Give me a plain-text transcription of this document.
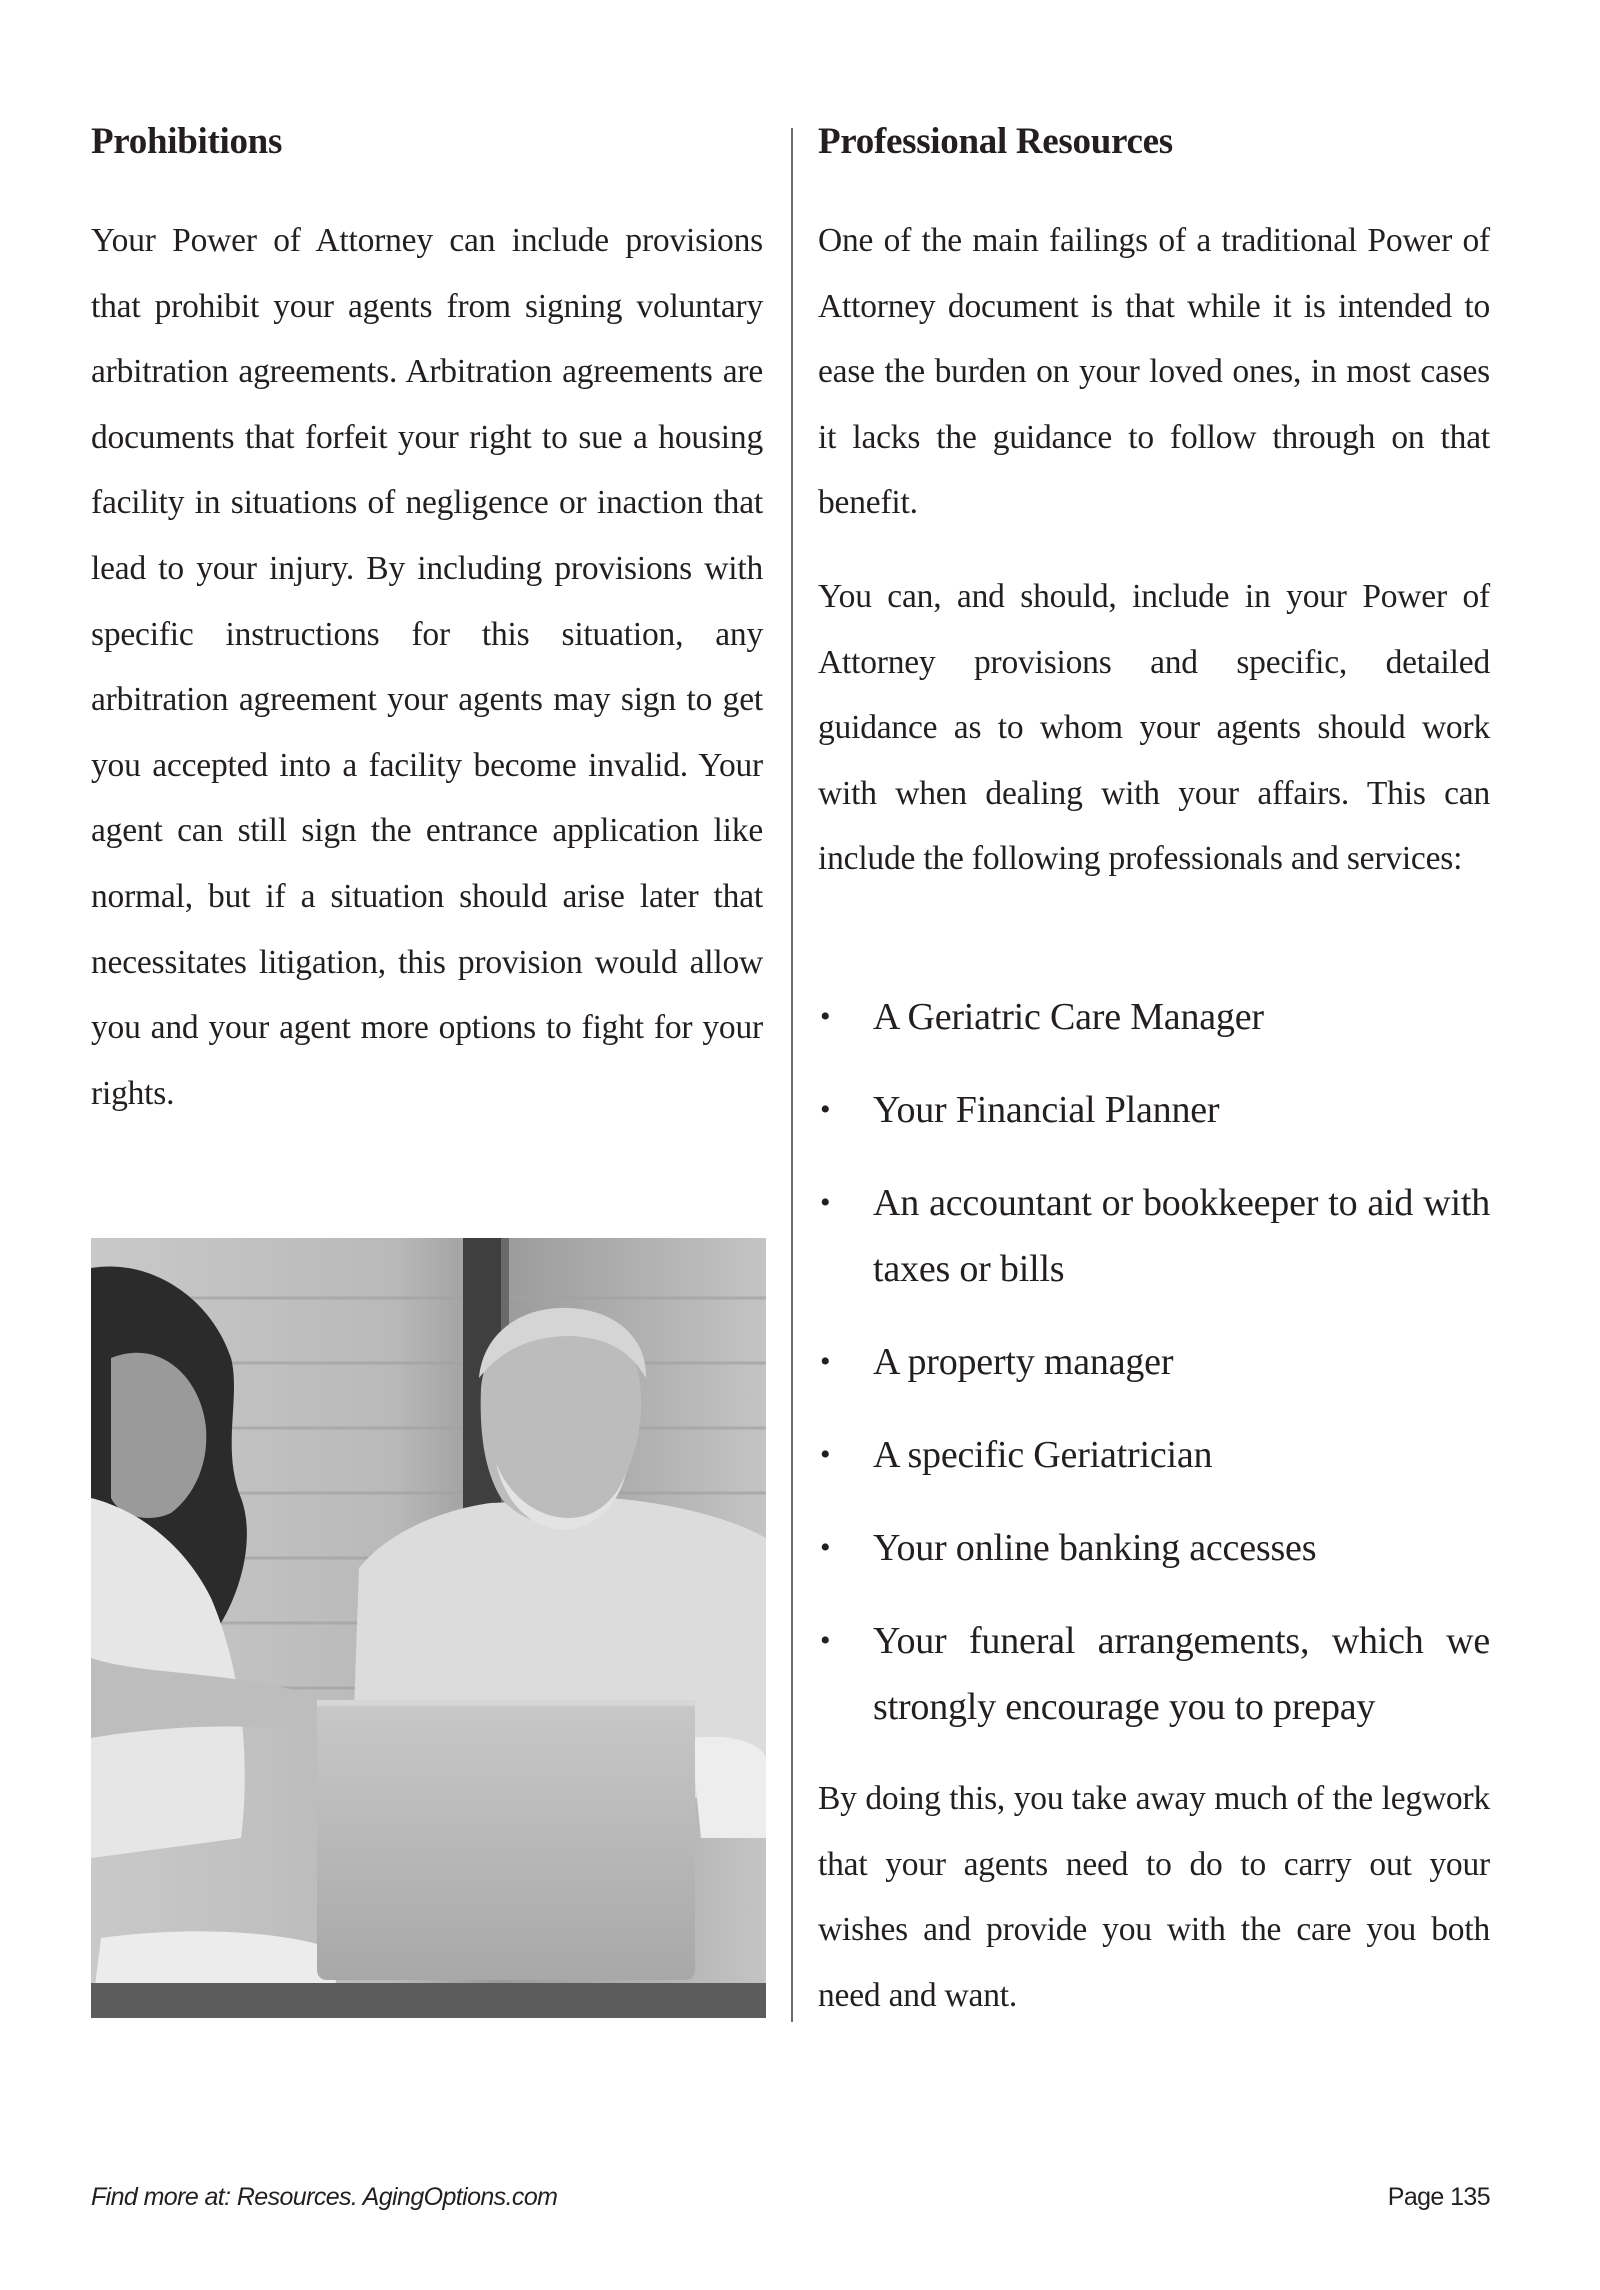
Prohibitions

Your Power of Attorney can include provisions that prohibit your agents from signing voluntary arbitration agreements. Arbitration agreements are documents that forfeit your right to sue a housing facility in situations of negligence or inaction that lead to your injury. By including provisions with specific instructions for this situation, any arbitration agreement your agents may sign to get you accepted into a facility become invalid. Your agent can still sign the entrance application like normal, but if a situation should arise later that necessitates litigation, this provision would allow you and your agent more options to fight for your rights.

Professional Resources

One of the main failings of a traditional Power of Attorney document is that while it is intended to ease the burden on your loved ones, in most cases it lacks the guidance to follow through on that benefit.

You can, and should, include in your Power of Attorney provisions and specific, detailed guidance as to whom your agents should work with when dealing with your affairs. This can include the following professionals and services:

• A Geriatric Care Manager
• Your Financial Planner
• An accountant or bookkeeper to aid with taxes or bills
• A property manager
• A specific Geriatrician
• Your online banking accesses
• Your funeral arrangements, which we strongly encourage you to prepay

By doing this, you take away much of the legwork that your agents need to do to carry out your wishes and provide you with the care you both need and want.

Find more at: Resources. AgingOptions.com	Page 135
